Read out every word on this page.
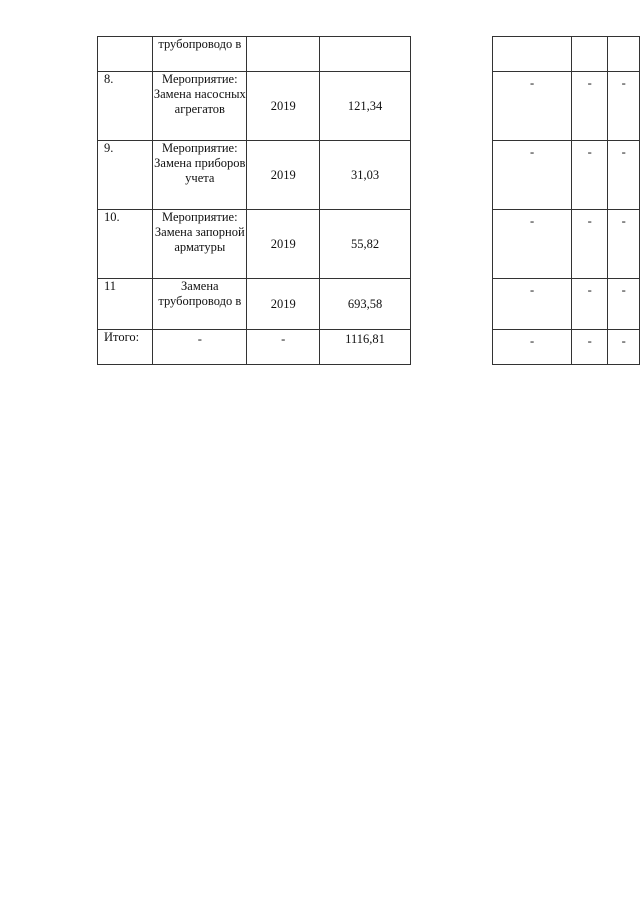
	трубопроводо в						
8.	Мероприятие: Замена насосных агрегатов	2019	121,34		-	-	-
9.	Мероприятие: Замена приборов учета	2019	31,03		-	-	-
10.	Мероприятие: Замена запорной арматуры	2019	55,82		-	-	-
11	Замена трубопроводо в	2019	693,58		-	-	-
Итого:	-	-	1116,81		-	-	-
